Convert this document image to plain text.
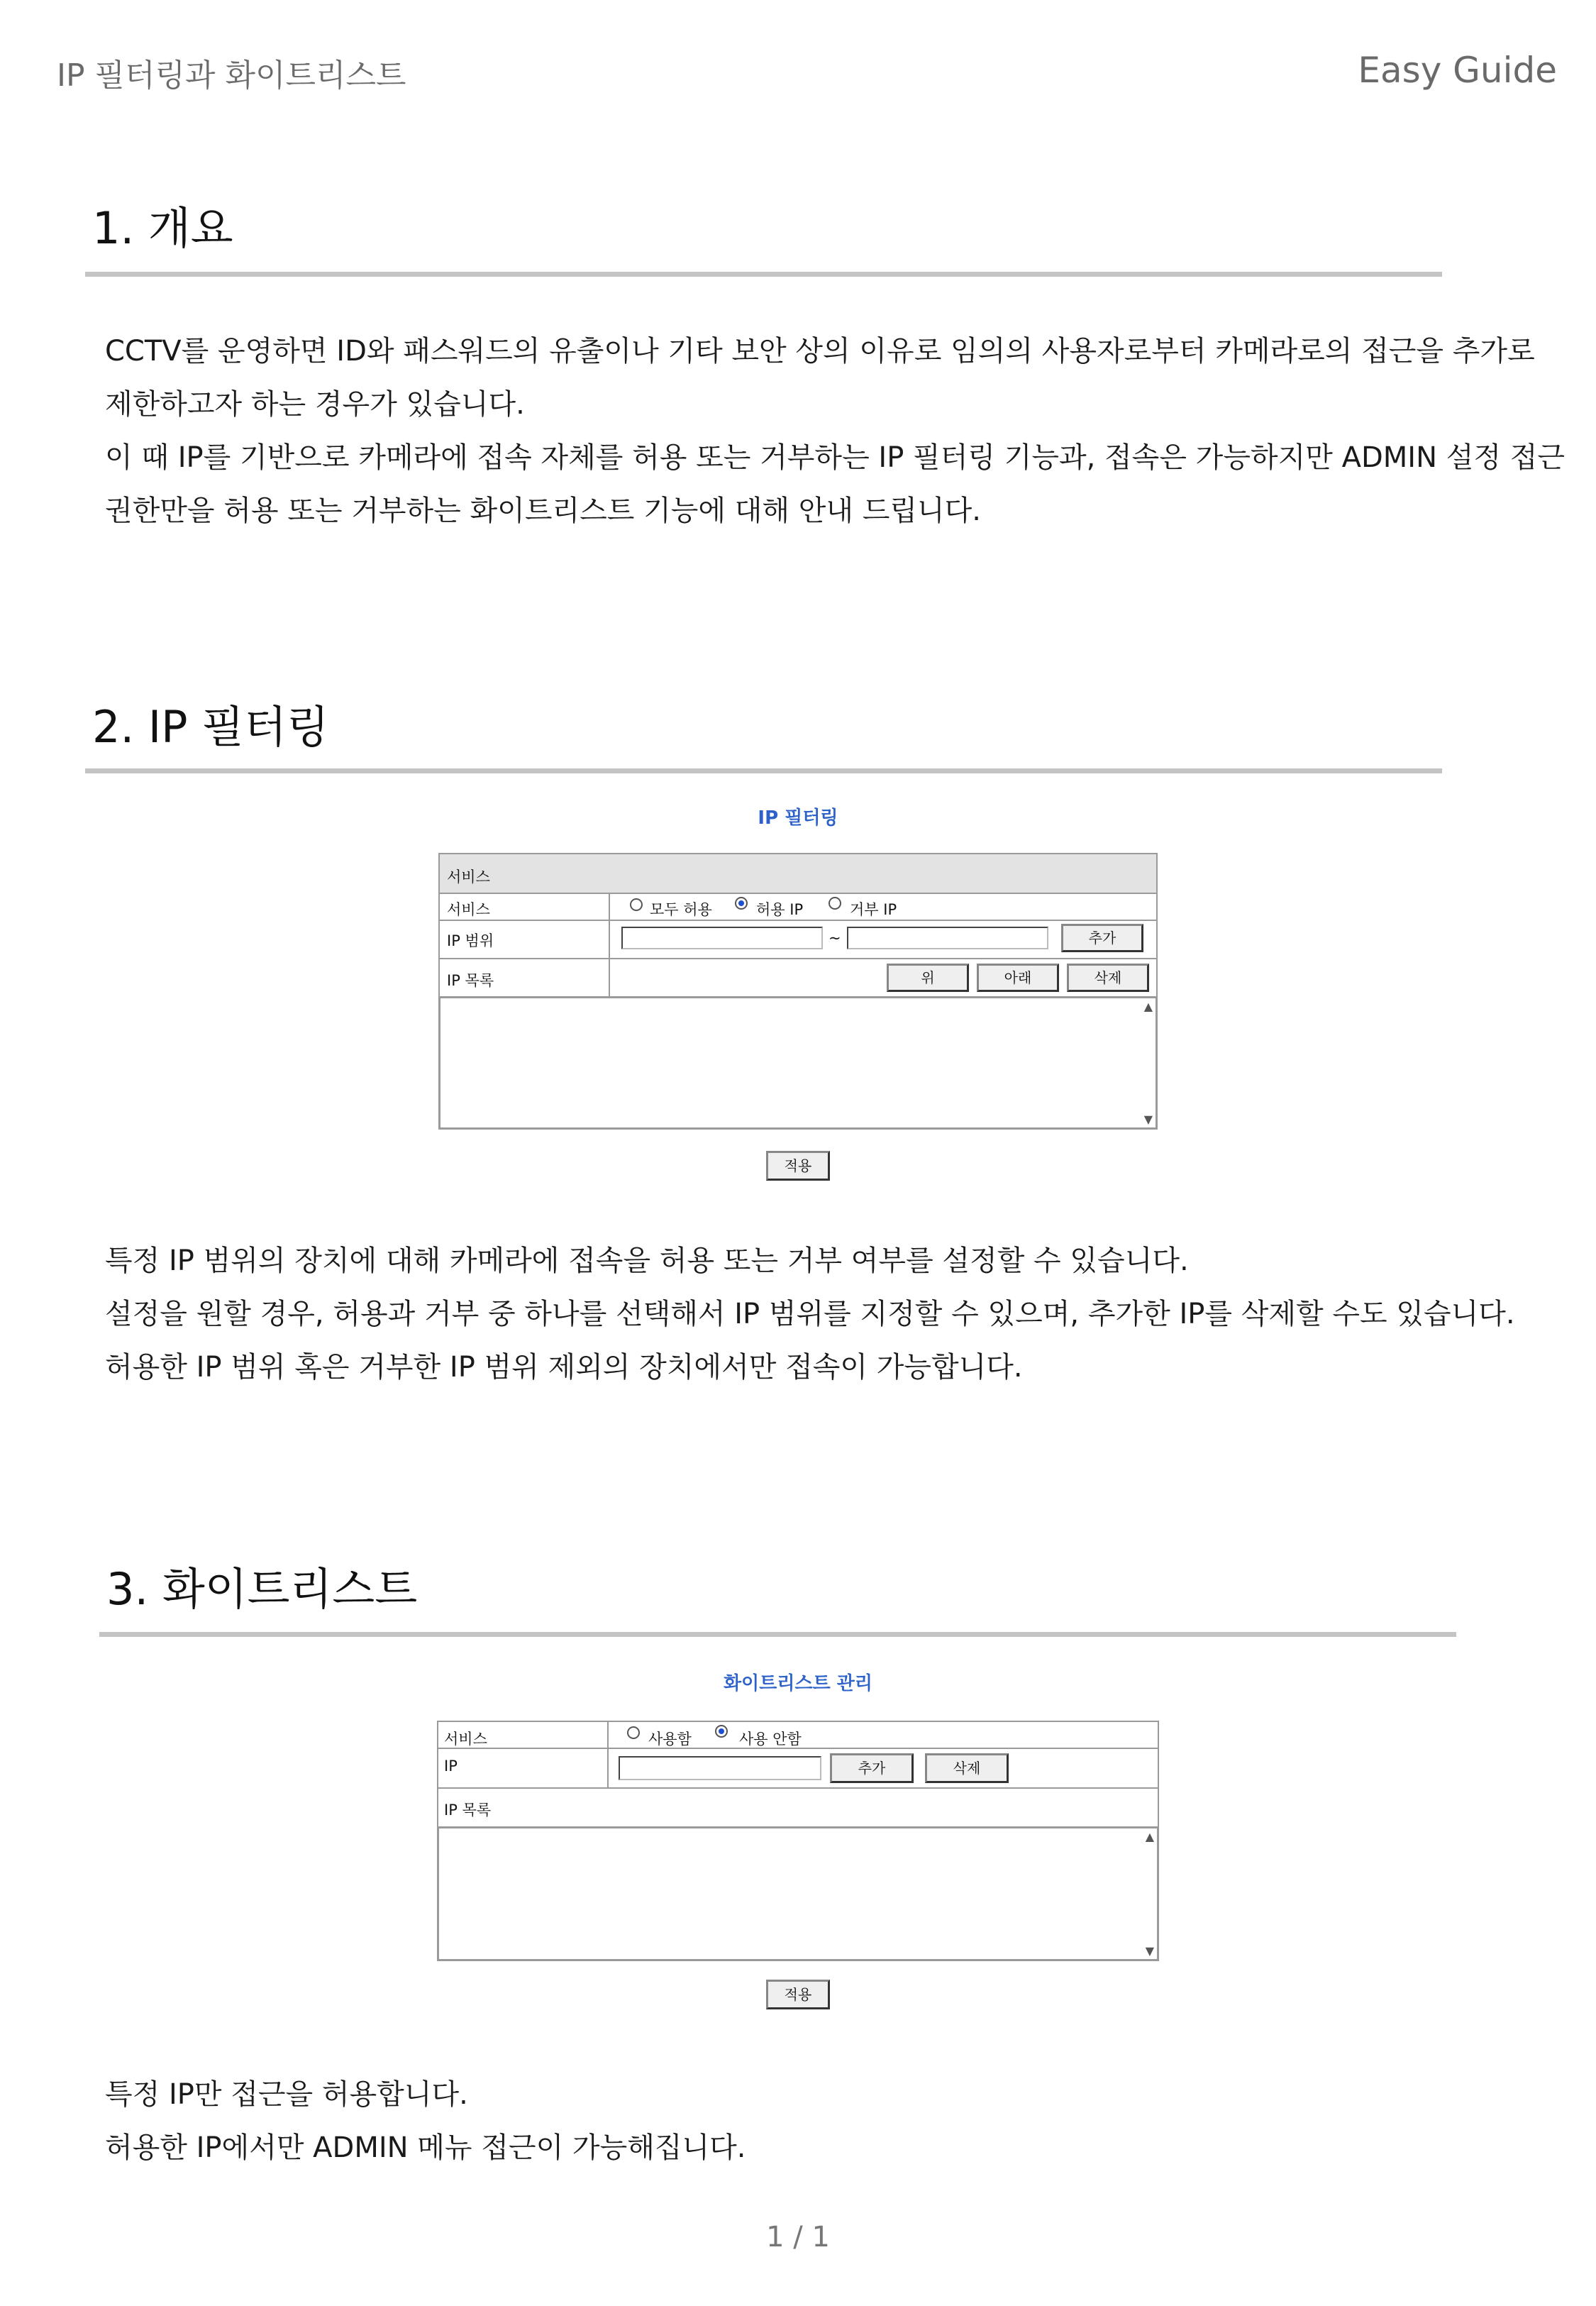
IP 필터링과 화이트리스트	Easy Guide
1. 개요
CCTV를 운영하면 ID와 패스워드의 유출이나 기타 보안 상의 이유로 임의의 사용자로부터 카메라로의 접근을 추가로
제한하고자 하는 경우가 있습니다.
이 때 IP를 기반으로 카메라에 접속 자체를 허용 또는 거부하는 IP 필터링 기능과, 접속은 가능하지만 ADMIN 설정 접근
권한만을 허용 또는 거부하는 화이트리스트 기능에 대해 안내 드립니다.
2. IP 필터링
IP 필터링
서비스
서비스	모두 허용	허용 IP	거부 IP
IP 범위	~	추가
IP 목록	위	아래	삭제
▲
▼
적용
특정 IP 범위의 장치에 대해 카메라에 접속을 허용 또는 거부 여부를 설정할 수 있습니다.
설정을 원할 경우, 허용과 거부 중 하나를 선택해서 IP 범위를 지정할 수 있으며, 추가한 IP를 삭제할 수도 있습니다.
허용한 IP 범위 혹은 거부한 IP 범위 제외의 장치에서만 접속이 가능합니다.
3. 화이트리스트
화이트리스트 관리
서비스	사용함	사용 안함
IP	추가	삭제
IP 목록
▲
▼
적용
특정 IP만 접근을 허용합니다.
허용한 IP에서만 ADMIN 메뉴 접근이 가능해집니다.
1 / 1
